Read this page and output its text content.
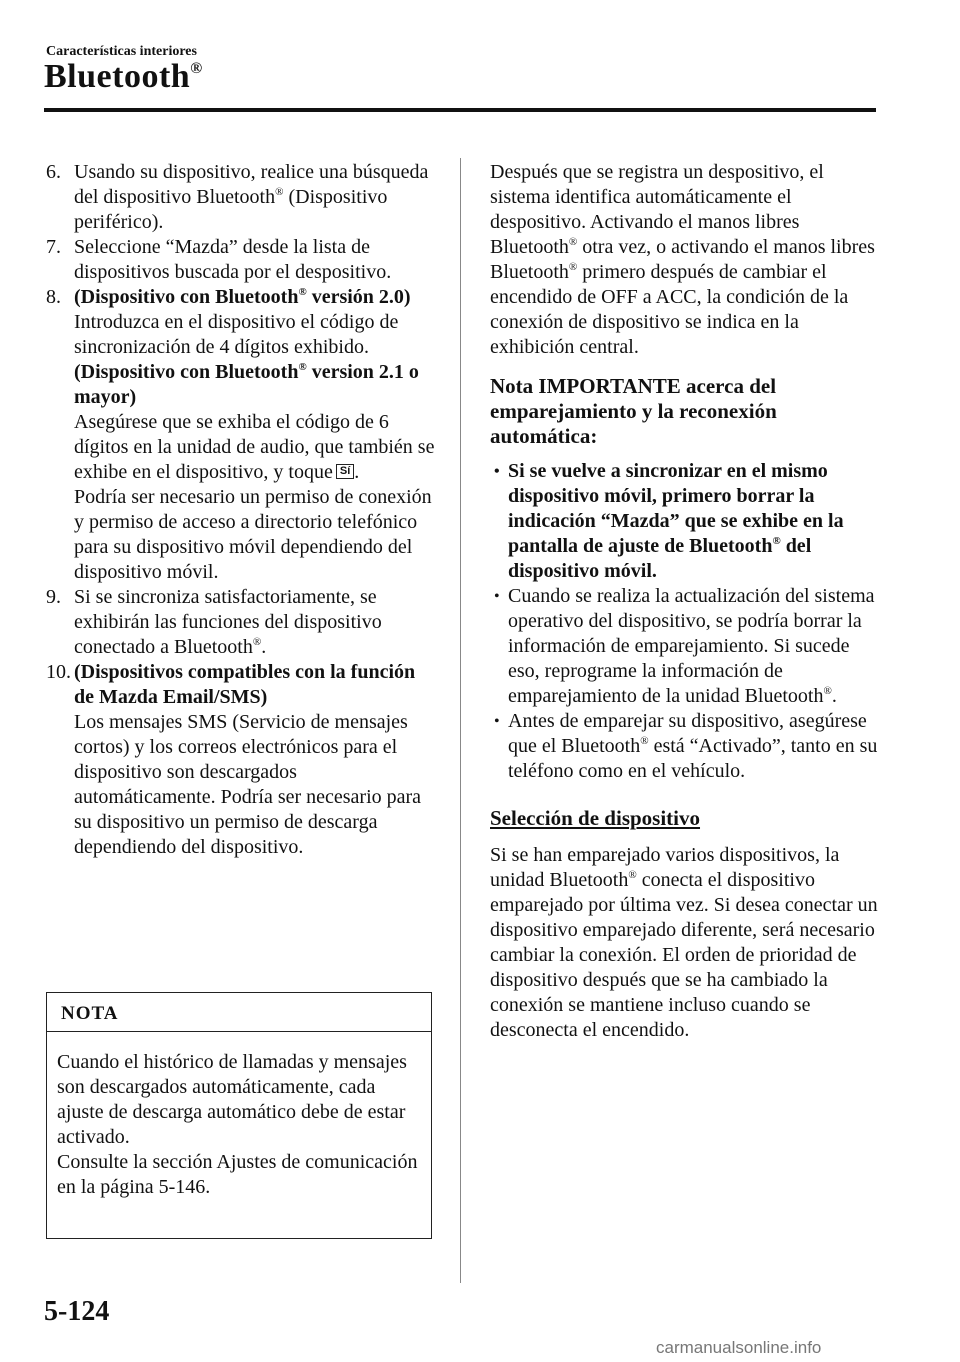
Características interiores
Bluetooth®
6. Usando su dispositivo, realice una búsqueda del dispositivo Bluetooth® (Dispositivo periférico).
7. Seleccione “Mazda” desde la lista de dispositivos buscada por el despositivo.
8. (Dispositivo con Bluetooth® versión 2.0)
Introduzca en el dispositivo el código de sincronización de 4 dígitos exhibido.
(Dispositivo con Bluetooth® version 2.1 o mayor)
Asegúrese que se exhiba el código de 6 dígitos en la unidad de audio, que también se exhibe en el dispositivo, y toque Sí .
Podría ser necesario un permiso de conexión y permiso de acceso a directorio telefónico para su dispositivo móvil dependiendo del dispositivo móvil.
9. Si se sincroniza satisfactoriamente, se exhibirán las funciones del dispositivo conectado a Bluetooth®.
10. (Dispositivos compatibles con la función de Mazda Email/SMS)
Los mensajes SMS (Servicio de mensajes cortos) y los correos electrónicos para el dispositivo son descargados automáticamente. Podría ser necesario para su dispositivo un permiso de descarga dependiendo del dispositivo.
NOTA
Cuando el histórico de llamadas y mensajes son descargados automáticamente, cada ajuste de descarga automático debe de estar activado.
Consulte la sección Ajustes de comunicación en la página 5-146.
Después que se registra un despositivo, el sistema identifica automáticamente el despositivo. Activando el manos libres Bluetooth® otra vez, o activando el manos libres Bluetooth® primero después de cambiar el encendido de OFF a ACC, la condición de la conexión de dispositivo se indica en la exhibición central.
Nota IMPORTANTE acerca del emparejamiento y la reconexión automática:
• Si se vuelve a sincronizar en el mismo dispositivo móvil, primero borrar la indicación “Mazda” que se exhibe en la pantalla de ajuste de Bluetooth® del dispositivo móvil.
• Cuando se realiza la actualización del sistema operativo del dispositivo, se podría borrar la información de emparejamiento. Si sucede eso, reprograme la información de emparejamiento de la unidad Bluetooth®.
• Antes de emparejar su dispositivo, asegúrese que el Bluetooth® está “Activado”, tanto en su teléfono como en el vehículo.
Selección de dispositivo
Si se han emparejado varios dispositivos, la unidad Bluetooth® conecta el dispositivo emparejado por última vez. Si desea conectar un dispositivo emparejado diferente, será necesario cambiar la conexión. El orden de prioridad de dispositivo después que se ha cambiado la conexión se mantiene incluso cuando se desconecta el encendido.
5-124
carmanualsonline.info
